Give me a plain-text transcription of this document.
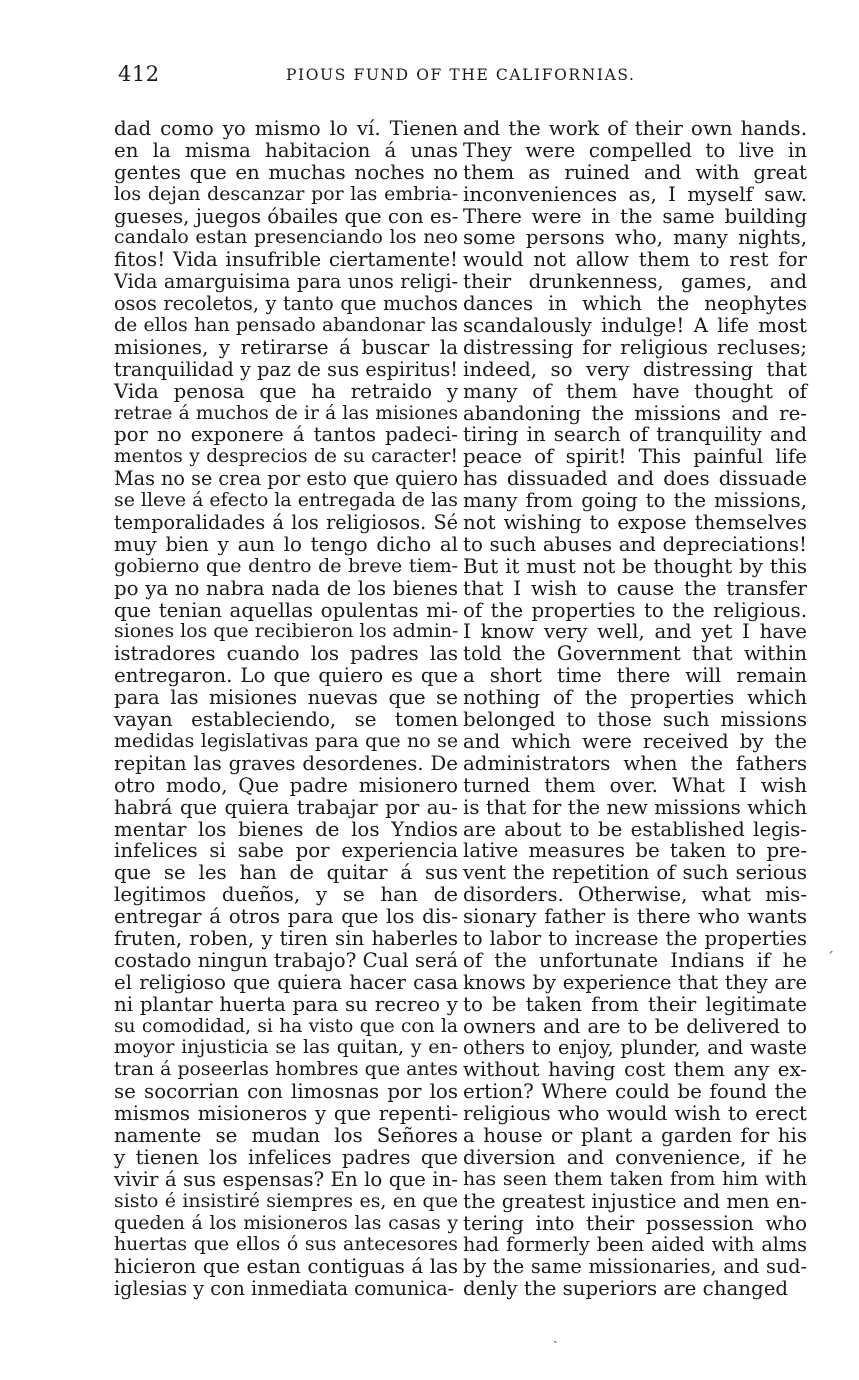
412	PIOUS FUND OF THE CALIFORNIAS.
dad como yo mismo lo ví. Tienen
en la misma habitacion á unas
gentes que en muchas noches no
los dejan descanzar por las embria-
gueses, juegos óbailes que con es-
candalo estan presenciando los neo
fitos! Vida insufrible ciertamente!
Vida amarguisima para unos religi-
osos recoletos, y tanto que muchos
de ellos han pensado abandonar las
misiones, y retirarse á buscar la
tranquilidad y paz de sus espiritus!
Vida penosa que ha retraido y
retrae á muchos de ir á las misiones
por no exponere á tantos padeci-
mentos y desprecios de su caracter!
Mas no se crea por esto que quiero
se lleve á efecto la entregada de las
temporalidades á los religiosos. Sé
muy bien y aun lo tengo dicho al
gobierno que dentro de breve tiem-
po ya no nabra nada de los bienes
que tenian aquellas opulentas mi-
siones los que recibieron los admin-
istradores cuando los padres las
entregaron. Lo que quiero es que
para las misiones nuevas que se
vayan estableciendo, se tomen
medidas legislativas para que no se
repitan las graves desordenes. De
otro modo, Que padre misionero
habrá que quiera trabajar por au-
mentar los bienes de los Yndios
infelices si sabe por experiencia
que se les han de quitar á sus
legitimos dueños, y se han de
entregar á otros para que los dis-
fruten, roben, y tiren sin haberles
costado ningun trabajo? Cual será
el religioso que quiera hacer casa
ni plantar huerta para su recreo y
su comodidad, si ha visto que con la
moyor injusticia se las quitan, y en-
tran á poseerlas hombres que antes
se socorrian con limosnas por los
mismos misioneros y que repenti-
namente se mudan los Señores
y tienen los infelices padres que
vivir á sus espensas? En lo que in-
sisto é insistiré siempres es, en que
queden á los misioneros las casas y
huertas que ellos ó sus antecesores
hicieron que estan contiguas á las
iglesias y con inmediata comunica-
and the work of their own hands.
They were compelled to live in
them as ruined and with great
inconveniences as, I myself saw.
There were in the same building
some persons who, many nights,
would not allow them to rest for
their drunkenness, games, and
dances in which the neophytes
scandalously indulge! A life most
distressing for religious recluses;
indeed, so very distressing that
many of them have thought of
abandoning the missions and re-
tiring in search of tranquility and
peace of spirit! This painful life
has dissuaded and does dissuade
many from going to the missions,
not wishing to expose themselves
to such abuses and depreciations!
But it must not be thought by this
that I wish to cause the transfer
of the properties to the religious.
I know very well, and yet I have
told the Government that within
a short time there will remain
nothing of the properties which
belonged to those such missions
and which were received by the
administrators when the fathers
turned them over. What I wish
is that for the new missions which
are about to be established legis-
lative measures be taken to pre-
vent the repetition of such serious
disorders. Otherwise, what mis-
sionary father is there who wants
to labor to increase the properties
of the unfortunate Indians if he
knows by experience that they are
to be taken from their legitimate
owners and are to be delivered to
others to enjoy, plunder, and waste
without having cost them any ex-
ertion? Where could be found the
religious who would wish to erect
a house or plant a garden for his
diversion and convenience, if he
has seen them taken from him with
the greatest injustice and men en-
tering into their possession who
had formerly been aided with alms
by the same missionaries, and sud-
denly the superiors are changed
´
ˎ
